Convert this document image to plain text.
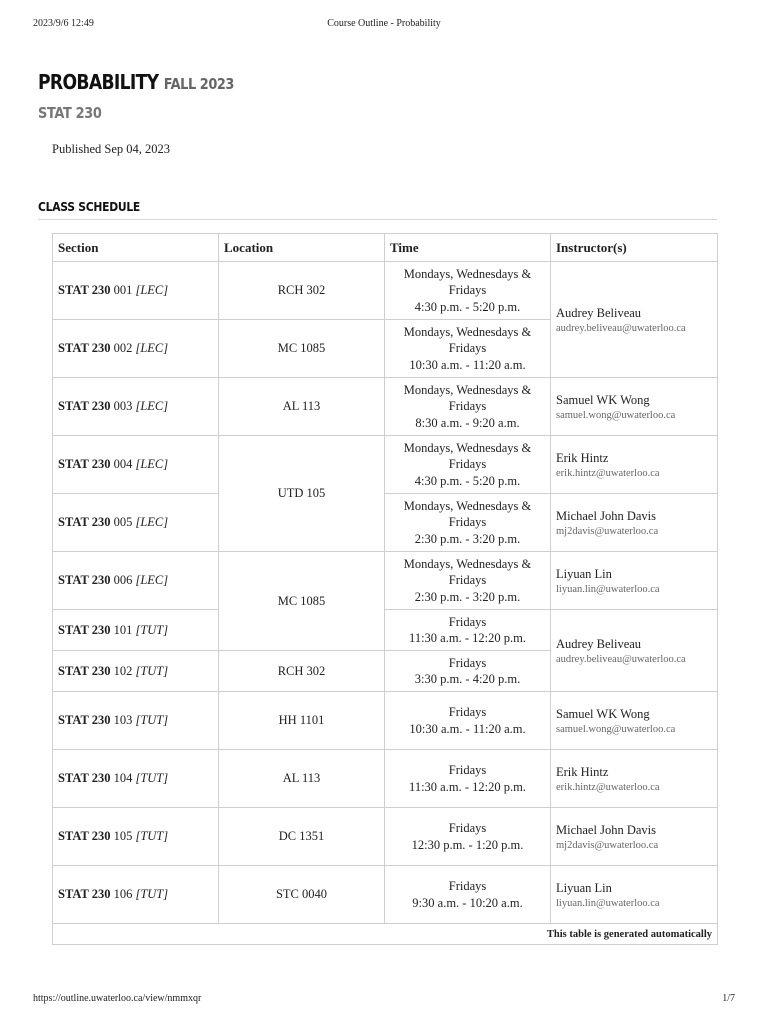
2023/9/6 12:49	Course Outline - Probability
PROBABILITY FALL 2023
STAT 230
Published Sep 04, 2023
CLASS SCHEDULE
Section	Location	Time	Instructor(s)
STAT 230 001 [LEC]	RCH 302	Mondays, Wednesdays & Fridays
4:30 p.m. - 5:20 p.m.	Audrey Beliveau
audrey.beliveau@uwaterloo.ca

STAT 230 002 [LEC]	MC 1085	Mondays, Wednesdays & Fridays
10:30 a.m. - 11:20 a.m.	
STAT 230 003 [LEC]	AL 113	Mondays, Wednesdays & Fridays
8:30 a.m. - 9:20 a.m.	Samuel WK Wong
samuel.wong@uwaterloo.ca

STAT 230 004 [LEC]	UTD 105	Mondays, Wednesdays & Fridays
4:30 p.m. - 5:20 p.m.	Erik Hintz
erik.hintz@uwaterloo.ca

STAT 230 005 [LEC]		Mondays, Wednesdays & Fridays
2:30 p.m. - 3:20 p.m.	Michael John Davis
mj2davis@uwaterloo.ca

STAT 230 006 [LEC]	MC 1085	Mondays, Wednesdays & Fridays
2:30 p.m. - 3:20 p.m.	Liyuan Lin
liyuan.lin@uwaterloo.ca

STAT 230 101 [TUT]		Fridays
11:30 a.m. - 12:20 p.m.	Audrey Beliveau
audrey.beliveau@uwaterloo.ca

STAT 230 102 [TUT]	RCH 302	Fridays
3:30 p.m. - 4:20 p.m.	
STAT 230 103 [TUT]	HH 1101	Fridays
10:30 a.m. - 11:20 a.m.	Samuel WK Wong
samuel.wong@uwaterloo.ca

STAT 230 104 [TUT]	AL 113	Fridays
11:30 a.m. - 12:20 p.m.	Erik Hintz
erik.hintz@uwaterloo.ca

STAT 230 105 [TUT]	DC 1351	Fridays
12:30 p.m. - 1:20 p.m.	Michael John Davis
mj2davis@uwaterloo.ca

STAT 230 106 [TUT]	STC 0040	Fridays
9:30 a.m. - 10:20 a.m.	Liyuan Lin
liyuan.lin@uwaterloo.ca

This table is generated automatically			
https://outline.uwaterloo.ca/view/nmmxqr	1/7
